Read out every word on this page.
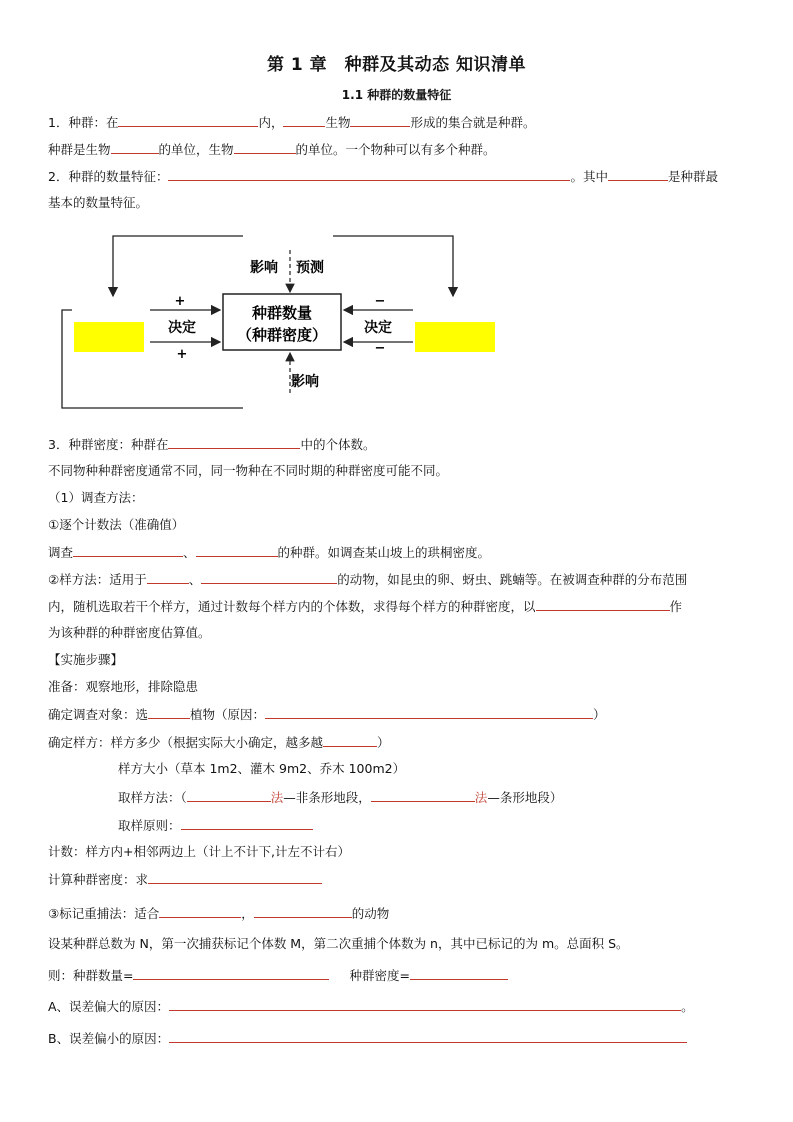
第 1 章　种群及其动态 知识清单
1.1 种群的数量特征
1．种群：在	内，	生物	形成的集合就是种群。
种群是生物	的单位，生物	的单位。一个物种可以有多个种群。
2．种群的数量特征：	。其中	是种群最
基本的数量特征。
种群数量
（种群密度）
+
决定
+
−
决定
−
影响 预测
影响
3．种群密度：种群在	中的个体数。
不同物种种群密度通常不同，同一物种在不同时期的种群密度可能不同。
（1）调查方法：
①逐个计数法（准确值）
调查	、	的种群。如调查某山坡上的珙桐密度。
②样方法：适用于	、	的动物，如昆虫的卵、蚜虫、跳蝻等。在被调查种群的分布范围
内，随机选取若干个样方，通过计数每个样方内的个体数，求得每个样方的种群密度，以	作
为该种群的种群密度估算值。
【实施步骤】
准备：观察地形，排除隐患
确定调查对象：选	植物（原因：	）
确定样方：样方多少（根据实际大小确定，越多越	）
样方大小（草本 1m2、灌木 9m2、乔木 100m2）
取样方法：（	法—非条形地段，	法—条形地段）
取样原则：
计数：样方内+相邻两边上（计上不计下,计左不计右）
计算种群密度：求
③标记重捕法：适合	，	的动物
设某种群总数为 N，第一次捕获标记个体数 M，第二次重捕个体数为 n，其中已标记的为 m。总面积 S。
则：种群数量=	种群密度=
A、误差偏大的原因：	。
B、误差偏小的原因：
